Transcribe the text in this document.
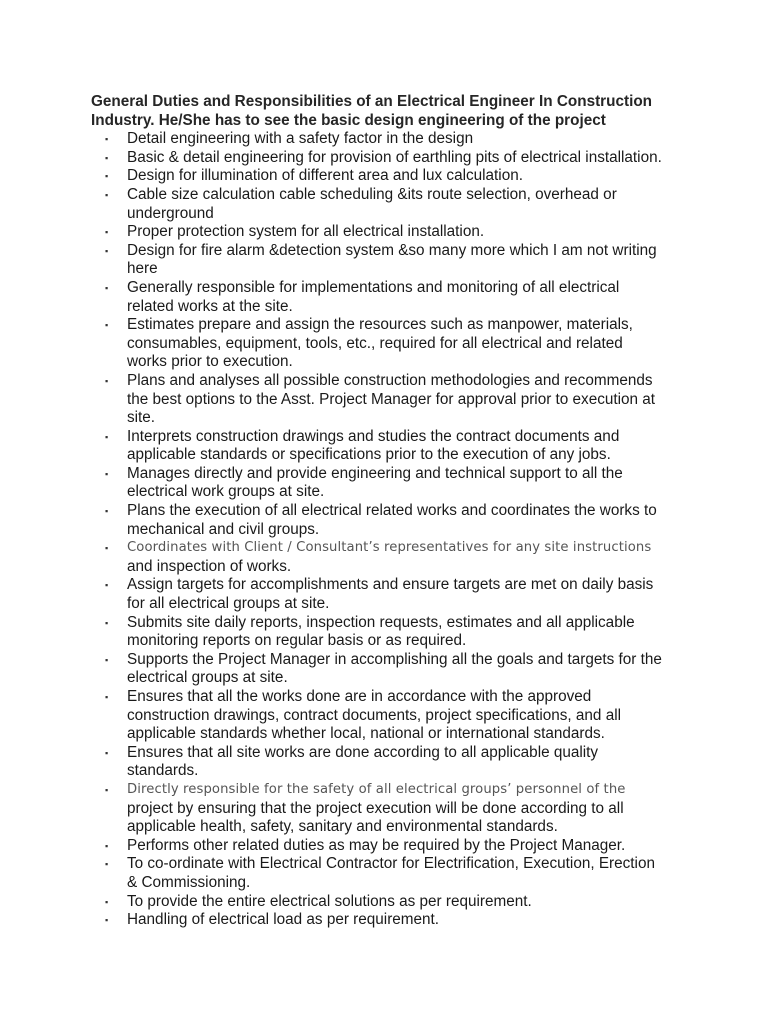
General Duties and Responsibilities of an Electrical Engineer In Construction
Industry. He/She has to see the basic design engineering of the project
▪ Detail engineering with a safety factor in the design
▪ Basic & detail engineering for provision of earthling pits of electrical installation.
▪ Design for illumination of different area and lux calculation.
▪ Cable size calculation cable scheduling &its route selection, overhead or
underground
▪ Proper protection system for all electrical installation.
▪ Design for fire alarm &detection system &so many more which I am not writing
here
▪ Generally responsible for implementations and monitoring of all electrical
related works at the site.
▪ Estimates prepare and assign the resources such as manpower, materials,
consumables, equipment, tools, etc., required for all electrical and related
works prior to execution.
▪ Plans and analyses all possible construction methodologies and recommends
the best options to the Asst. Project Manager for approval prior to execution at
site.
▪ Interprets construction drawings and studies the contract documents and
applicable standards or specifications prior to the execution of any jobs.
▪ Manages directly and provide engineering and technical support to all the
electrical work groups at site.
▪ Plans the execution of all electrical related works and coordinates the works to
mechanical and civil groups.
▪ Coordinates with Client / Consultant’s representatives for any site instructions
and inspection of works.
▪ Assign targets for accomplishments and ensure targets are met on daily basis
for all electrical groups at site.
▪ Submits site daily reports, inspection requests, estimates and all applicable
monitoring reports on regular basis or as required.
▪ Supports the Project Manager in accomplishing all the goals and targets for the
electrical groups at site.
▪ Ensures that all the works done are in accordance with the approved
construction drawings, contract documents, project specifications, and all
applicable standards whether local, national or international standards.
▪ Ensures that all site works are done according to all applicable quality
standards.
▪ Directly responsible for the safety of all electrical groups’ personnel of the
project by ensuring that the project execution will be done according to all
applicable health, safety, sanitary and environmental standards.
▪ Performs other related duties as may be required by the Project Manager.
▪ To co-ordinate with Electrical Contractor for Electrification, Execution, Erection
& Commissioning.
▪ To provide the entire electrical solutions as per requirement.
▪ Handling of electrical load as per requirement.
